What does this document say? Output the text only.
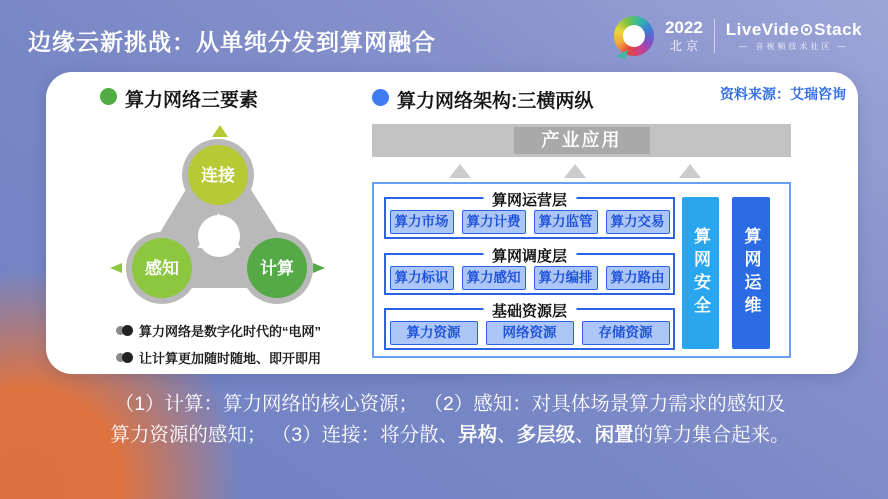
边缘云新挑战：从单纯分发到算网融合
2022
北京
LiveVide⊙Stack
— 音视频技术社区 —
算力网络三要素
连接
感知	计算
算力网络是数字化时代的“电网”
让计算更加随时随地、即开即用
算力网络架构:三横两纵	资料来源：艾瑞咨询
产业应用
算网运营层
算力市场	算力计费	算力监管	算力交易
算网调度层
算力标识	算力感知	算力编排	算力路由
基础资源层
算力资源	网络资源	存储资源
算网安全	算网运维
（1）计算：算力网络的核心资源； （2）感知：对具体场景算力需求的感知及
算力资源的感知； （3）连接：将分散、异构、多层级、闲置的算力集合起来。
